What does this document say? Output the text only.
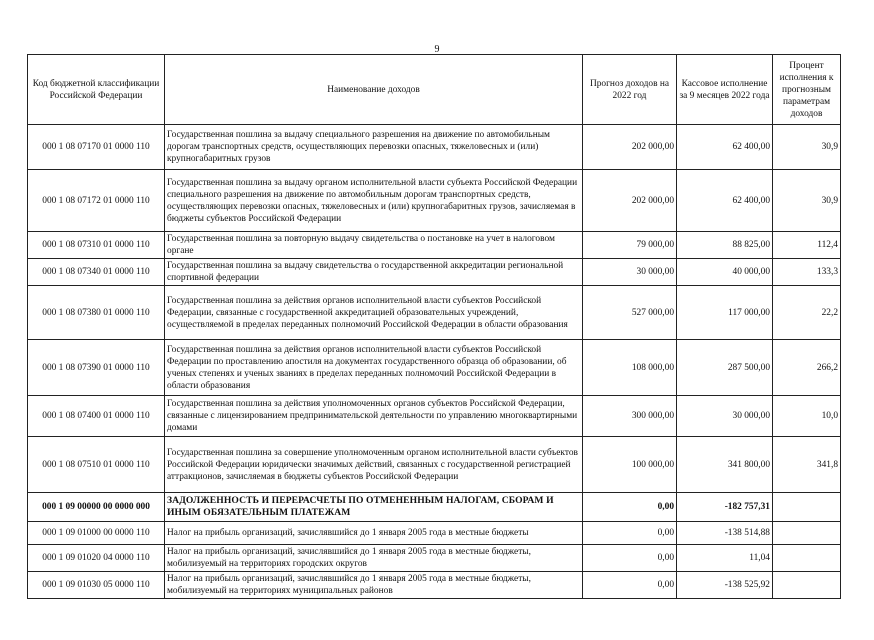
9
Код бюджетной классификации Российской Федерации	Наименование доходов	Прогноз доходов на 2022 год	Кассовое исполнение за 9 месяцев 2022 года	Процент исполнения к прогнозным параметрам доходов
000 1 08 07170 01 0000 110	Государственная пошлина за выдачу специального разрешения на движение по автомобильным дорогам транспортных средств, осуществляющих перевозки опасных, тяжеловесных и (или) крупногабаритных грузов	202 000,00	62 400,00	30,9
000 1 08 07172 01 0000 110	Государственная пошлина за выдачу органом исполнительной власти субъекта Российской Федерации специального разрешения на движение по автомобильным дорогам транспортных средств, осуществляющих перевозки опасных, тяжеловесных и (или) крупногабаритных грузов, зачисляемая в бюджеты субъектов Российской Федерации	202 000,00	62 400,00	30,9
000 1 08 07310 01 0000 110	Государственная пошлина за повторную выдачу свидетельства о постановке на учет в налоговом органе	79 000,00	88 825,00	112,4
000 1 08 07340 01 0000 110	Государственная пошлина за выдачу свидетельства о государственной аккредитации региональной спортивной федерации	30 000,00	40 000,00	133,3
000 1 08 07380 01 0000 110	Государственная пошлина за действия органов исполнительной власти субъектов Российской Федерации, связанные с государственной аккредитацией образовательных учреждений, осуществляемой в пределах переданных полномочий Российской Федерации в области образования	527 000,00	117 000,00	22,2
000 1 08 07390 01 0000 110	Государственная пошлина за действия органов исполнительной власти субъектов Российской Федерации по проставлению апостиля на документах государственного образца об образовании, об ученых степенях и ученых званиях в пределах переданных полномочий Российской Федерации в области образования	108 000,00	287 500,00	266,2
000 1 08 07400 01 0000 110	Государственная пошлина за действия уполномоченных органов субъектов Российской Федерации, связанные с лицензированием предпринимательской деятельности по управлению многоквартирными домами	300 000,00	30 000,00	10,0
000 1 08 07510 01 0000 110	Государственная пошлина за совершение уполномоченным органом исполнительной власти субъектов Российской Федерации юридически значимых действий, связанных с государственной регистрацией аттракционов, зачисляемая в бюджеты субъектов Российской Федерации	100 000,00	341 800,00	341,8
000 1 09 00000 00 0000 000	ЗАДОЛЖЕННОСТЬ И ПЕРЕРАСЧЕТЫ ПО ОТМЕНЕННЫМ НАЛОГАМ, СБОРАМ И ИНЫМ ОБЯЗАТЕЛЬНЫМ ПЛАТЕЖАМ	0,00	-182 757,31	
000 1 09 01000 00 0000 110	Налог на прибыль организаций, зачислявшийся до 1 января 2005 года в местные бюджеты	0,00	-138 514,88	
000 1 09 01020 04 0000 110	Налог на прибыль организаций, зачислявшийся до 1 января 2005 года в местные бюджеты, мобилизуемый на территориях городских округов	0,00	11,04	
000 1 09 01030 05 0000 110	Налог на прибыль организаций, зачислявшийся до 1 января 2005 года в местные бюджеты, мобилизуемый на территориях муниципальных районов	0,00	-138 525,92	
